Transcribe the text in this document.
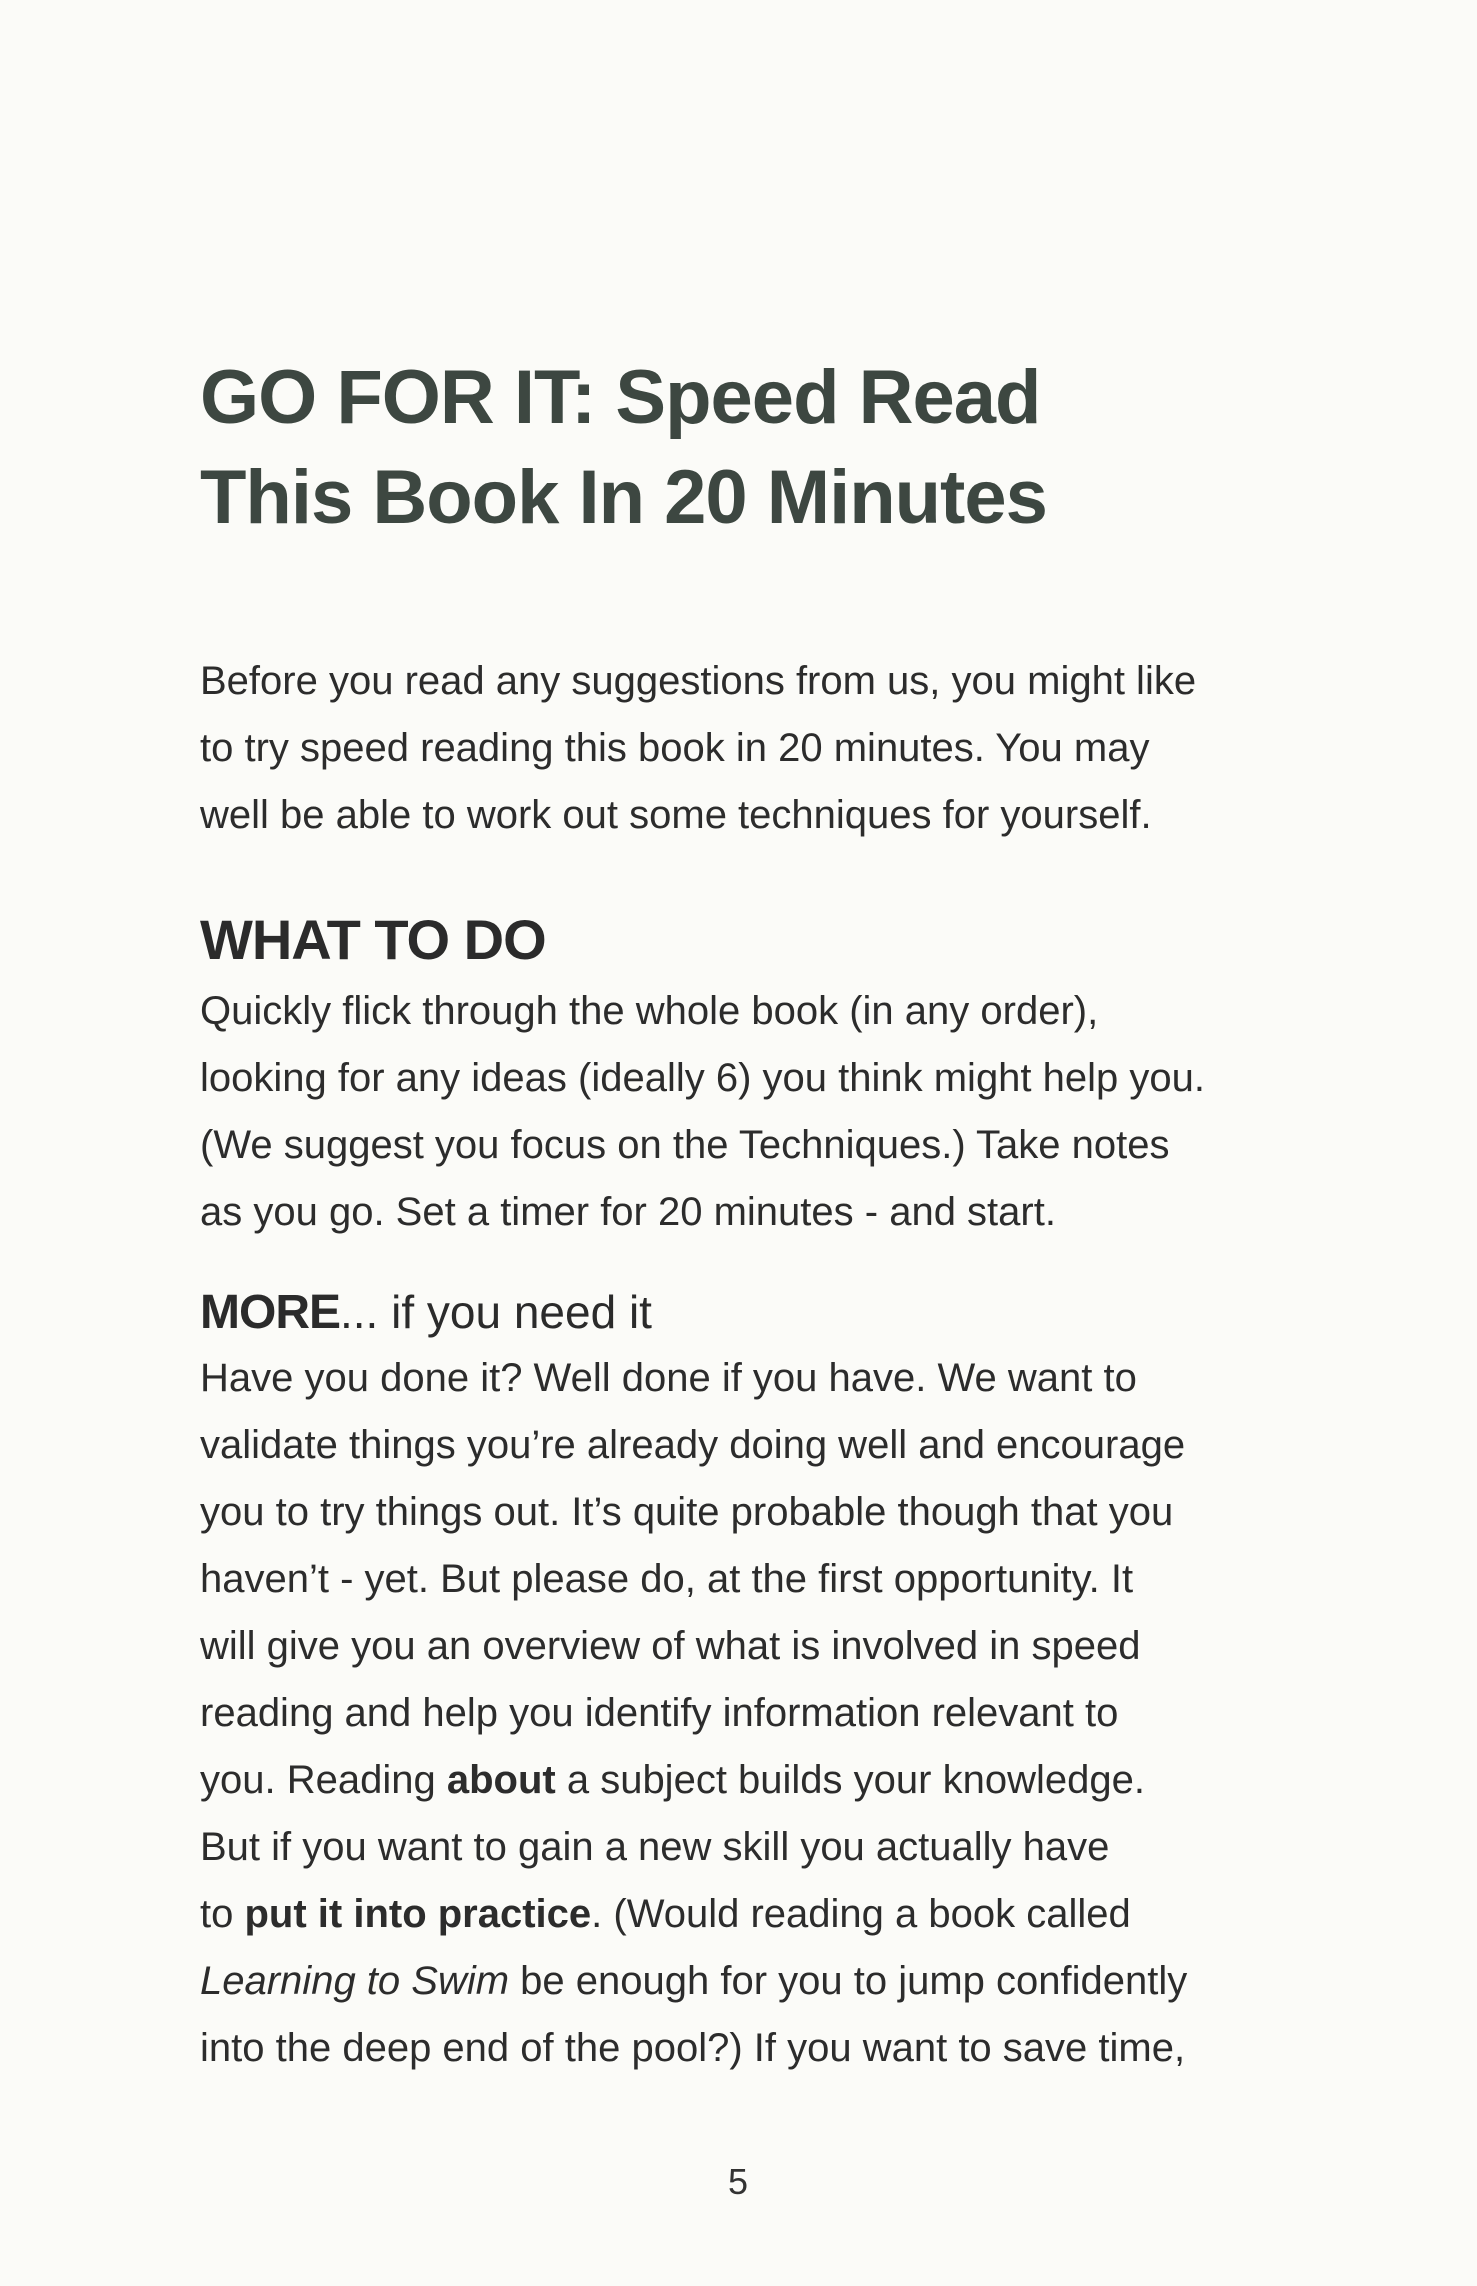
GO FOR IT: Speed Read
This Book In 20 Minutes

Before you read any suggestions from us, you might like
to try speed reading this book in 20 minutes. You may
well be able to work out some techniques for yourself.

WHAT TO DO

Quickly flick through the whole book (in any order),
looking for any ideas (ideally 6) you think might help you.
(We suggest you focus on the Techniques.) Take notes
as you go. Set a timer for 20 minutes - and start.

MORE... if you need it

Have you done it? Well done if you have. We want to
validate things you’re already doing well and encourage
you to try things out. It’s quite probable though that you
haven’t - yet. But please do, at the first opportunity. It
will give you an overview of what is involved in speed
reading and help you identify information relevant to
you. Reading about a subject builds your knowledge.
But if you want to gain a new skill you actually have
to put it into practice. (Would reading a book called
Learning to Swim be enough for you to jump confidently
into the deep end of the pool?) If you want to save time,

5
